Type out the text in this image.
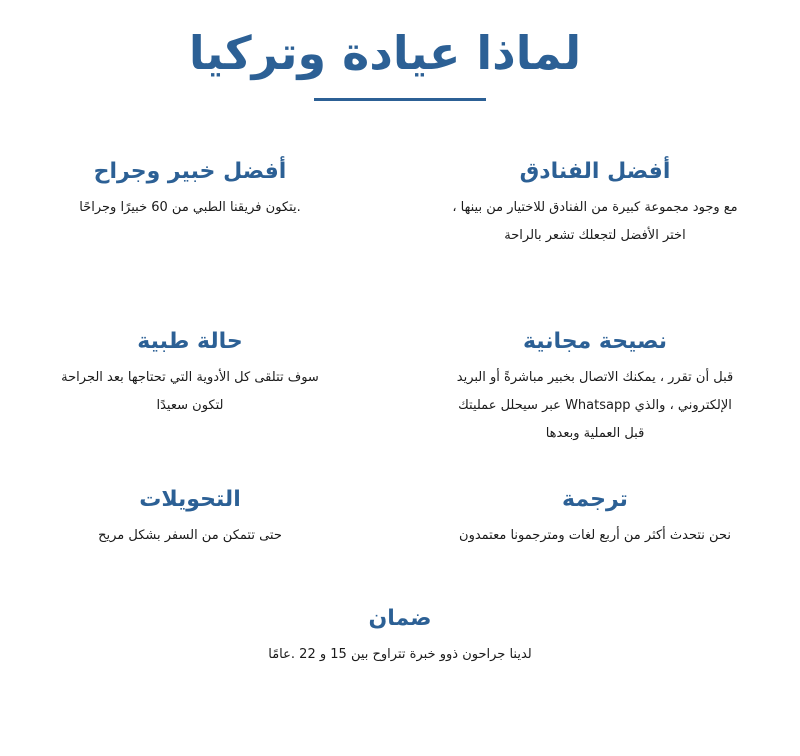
لماذا عيادة وتركيا
أفضل الفنادق

مع وجود مجموعة كبيرة من الفنادق للاختيار من بينها ، اختر الأفضل لتجعلك تشعر بالراحة

أفضل خبير وجراح

.يتكون فريقنا الطبي من 60 خبيرًا وجراحًا

نصيحة مجانية

قبل أن تقرر ، يمكنك الاتصال بخبير مباشرةً أو البريد الإلكتروني ، والذي Whatsapp عبر سيحلل عمليتك قبل العملية وبعدها

حالة طبية

سوف تتلقى كل الأدوية التي تحتاجها بعد الجراحة لتكون سعيدًا

ترجمة

نحن نتحدث أكثر من أربع لغات ومترجمونا معتمدون

التحويلات

حتى تتمكن من السفر بشكل مريح

ضمان

لدينا جراحون ذوو خبرة تتراوح بين 15 و 22 .عامًا
